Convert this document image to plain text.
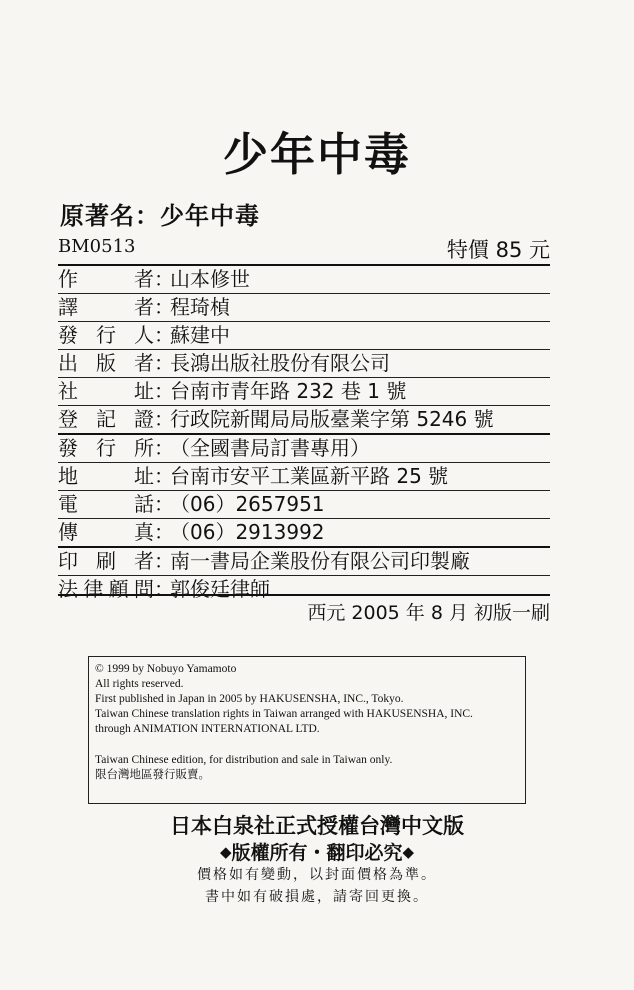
少年中毒
原著名：少年中毒
BM0513	特價 85 元
作者：山本修世
譯者：程琦楨
發行人：蘇建中
出版者：長鴻出版社股份有限公司
社址：台南市青年路 232 巷 1 號
登記證：行政院新聞局局版臺業字第 5246 號
發行所：（全國書局訂書專用）
地址：台南市安平工業區新平路 25 號
電話：（06）2657951
傳真：（06）2913992
印刷者：南一書局企業股份有限公司印製廠
法律顧問：郭俊廷律師
西元 2005 年 8 月 初版一刷
© 1999 by Nobuyo Yamamoto
All rights reserved.
First published in Japan in 2005 by HAKUSENSHA, INC., Tokyo.
Taiwan Chinese translation rights in Taiwan arranged with HAKUSENSHA, INC.
through ANIMATION INTERNATIONAL LTD.
Taiwan Chinese edition, for distribution and sale in Taiwan only.
限台灣地區發行販賣。
日本白泉社正式授權台灣中文版
◆版權所有・翻印必究◆
價格如有變動，以封面價格為準。
書中如有破損處，請寄回更換。
